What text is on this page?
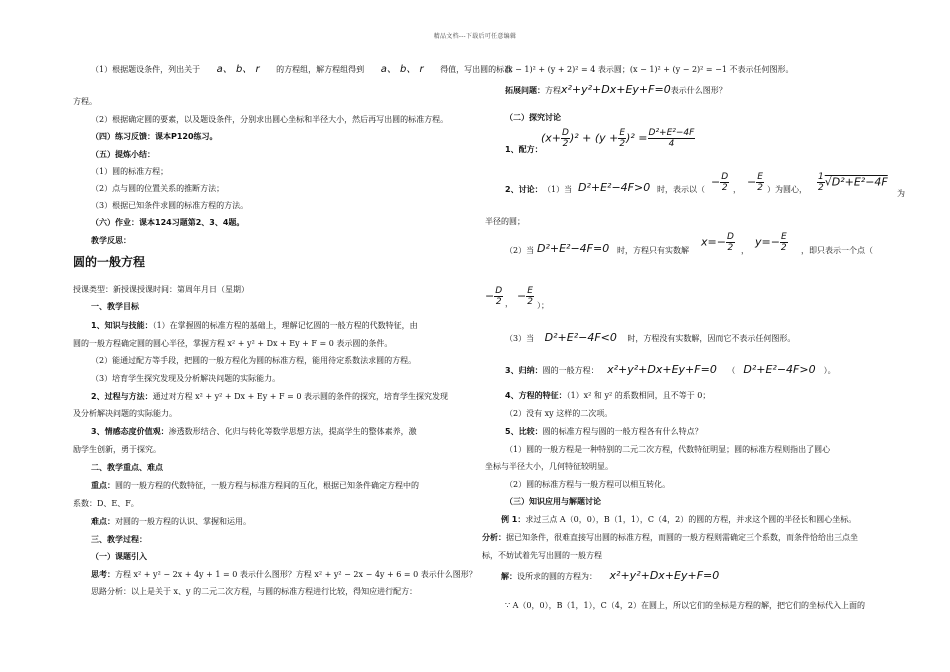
精品文档---下载后可任意编辑
（1）根据题设条件，列出关于 a、 b、 r 的方程组，解方程组得到 a、 b、 r 得值，写出圆的标准
方程。
（2）根据确定圆的要素，以及题设条件，分别求出圆心坐标和半径大小，然后再写出圆的标准方程。
（四）练习反馈：课本P120练习。
（五）提炼小结：
（1）圆的标准方程；
（2）点与圆的位置关系的推断方法；
（3）根据已知条件求圆的标准方程的方法。
（六）作业：课本124习题第2、3、4题。
教学反思：
圆的一般方程
授课类型：新授课授课时间：第周年月日（星期）
一、教学目标
1、知识与技能：（1）在掌握圆的标准方程的基础上，理解记忆圆的一般方程的代数特征，由
圆的一般方程确定圆的圆心半径，掌握方程 x² + y² + Dx + Ey + F = 0 表示圆的条件。
（2）能通过配方等手段，把圆的一般方程化为圆的标准方程，能用待定系数法求圆的方程。
（3）培育学生探究发现及分析解决问题的实际能力。
2、过程与方法：通过对方程 x² + y² + Dx + Ey + F = 0 表示圆的条件的探究，培育学生探究发现
及分析解决问题的实际能力。
3、情感态度价值观：渗透数形结合、化归与转化等数学思想方法，提高学生的整体素养，激
励学生创新，勇于探究。
二、教学重点、难点
重点：圆的一般方程的代数特征，一般方程与标准方程间的互化，根据已知条件确定方程中的
系数：D、E、F。
难点：对圆的一般方程的认识、掌握和运用。
三、教学过程：
（一）课题引入
思考：方程 x² + y² − 2x + 4y + 1 = 0 表示什么图形？方程 x² + y² − 2x − 4y + 6 = 0 表示什么图形？
思路分析：以上是关于 x、y 的二元二次方程，与圆的标准方程进行比较，得知应进行配方：
(x − 1)² + (y + 2)² = 4 表示圆；(x − 1)² + (y − 2)² = −1 不表示任何图形。
拓展问题：方程x²+y²+Dx+Ey+F=0表示什么图形？
（二）探究讨论
1、配方：
$(x+ \frac{D}{2} )^2 + (y + \frac{E}{2} )^2 = \frac{\text{D²+E²−4F}}{4}$
2、讨论： （1）当 D²+E²−4F>0 时，表示以（
− $\frac{D}{2}$ ，
− $\frac{E}{2}$ ）为圆心， $\frac{1}{2} √D^2+E^2-4F$
为
半径的圆；
（2）当 D²+E²−4F=0 时，方程只有实数解
$x=- \frac{D}{2}$ ，
$y=- \frac{E}{2}$ ，即只表示一个点（
− $\frac{D}{2}$ ，
− $\frac{E}{2}$ ）；
（3）当 D²+E²−4F<0 时，方程没有实数解，因而它不表示任何图形。
3、归纳：圆的一般方程： x²+y²+Dx+Ey+F=0 （ D²+E²−4F>0 ）。
4、方程的特征：（1）x² 和 y² 的系数相同，且不等于 0；
（2）没有 xy 这样的二次项。
5、比较：圆的标准方程与圆的一般方程各有什么特点？
（1）圆的一般方程是一种特别的二元二次方程，代数特征明显；圆的标准方程则指出了圆心
坐标与半径大小，几何特征较明显。
（2）圆的标准方程与一般方程可以相互转化。
（三）知识应用与解题讨论
例 1：求过三点 A（0，0），B（1，1），C（4，2）的圆的方程，并求这个圆的半径长和圆心坐标。
分析：据已知条件，很难直接写出圆的标准方程，而圆的一般方程则需确定三个系数，而条件恰给出三点坐
标，不妨试着先写出圆的一般方程
解：设所求的圆的方程为： x²+y²+Dx+Ey+F=0
∵ A（0，0），B（1，1），C（4，2）在圆上，所以它们的坐标是方程的解，把它们的坐标代入上面的
